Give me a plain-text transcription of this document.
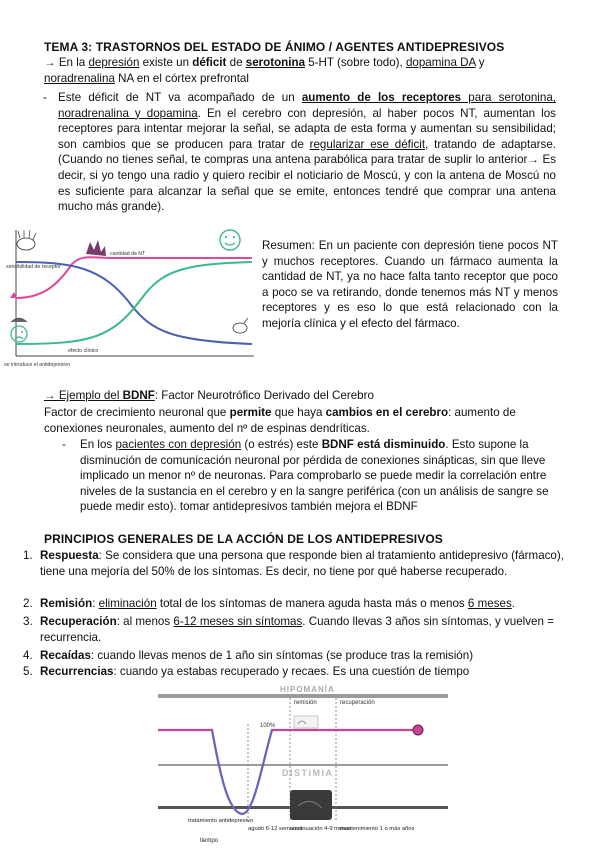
TEMA 3: TRASTORNOS DEL ESTADO DE ÁNIMO / AGENTES ANTIDEPRESIVOS
→ En la depresión existe un déficit de serotonina 5-HT (sobre todo), dopamina DA y
noradrenalina NA en el córtex prefrontal
- Este déficit de NT va acompañado de un aumento de los receptores para serotonina, noradrenalina y dopamina. En el cerebro con depresión, al haber pocos NT, aumentan los receptores para intentar mejorar la señal, se adapta de esta forma y aumentan su sensibilidad; son cambios que se producen para tratar de regularizar ese déficit, tratando de adaptarse. (Cuando no tienes señal, te compras una antena parabólica para tratar de suplir lo anterior→ Es decir, si yo tengo una radio y quiero recibir el noticiario de Moscú, y con la antena de Moscú no es suficiente para alcanzar la señal que se emite, entonces tendré que comprar una antena mucho más grande).
sensibilidad de receptor
cantidad de NT
efecto clínico
se introduce el antidepresivo
Resumen: En un paciente con depresión tiene pocos NT y muchos receptores. Cuando un fármaco aumenta la cantidad de NT, ya no hace falta tanto receptor que poco a poco se va retirando, donde tenemos más NT y menos receptores y es eso lo que está relacionado con la mejoría clínica y el efecto del fármaco.
→ Ejemplo del BDNF: Factor Neurotrófico Derivado del Cerebro
Factor de crecimiento neuronal que permite que haya cambios en el cerebro: aumento de conexiones neuronales, aumento del nº de espinas dendríticas.
- En los pacientes con depresión (o estrés) este BDNF está disminuido. Esto supone la disminución de comunicación neuronal por pérdida de conexiones sinápticas, sin que lleve implicado un menor nº de neuronas. Para comprobarlo se puede medir la correlación entre niveles de la sustancia en el cerebro y en la sangre periférica (con un análisis de sangre se puede medir esto). tomar antidepresivos también mejora el BDNF
PRINCIPIOS GENERALES DE LA ACCIÓN DE LOS ANTIDEPRESIVOS
1. Respuesta: Se considera que una persona que responde bien al tratamiento antidepresivo (fármaco), tiene una mejoría del 50% de los síntomas. Es decir, no tiene por qué haberse recuperado.
2. Remisión: eliminación total de los síntomas de manera aguda hasta más o menos 6 meses.
3. Recuperación: al menos 6-12 meses sin síntomas. Cuando llevas 3 años sin síntomas, y vuelven = recurrencia.
4. Recaídas: cuando llevas menos de 1 año sin síntomas (se produce tras la remisión)
5. Recurrencias: cuando ya estabas recuperado y recaes. Es una cuestión de tiempo
HIPOMANÍA
DISTIMIA
remisión	recuperación
100%
tratamiento antidepresivo
agudo 6-12 semanas
continuación 4-9 meses
mantenimiento 1 o más años
tiempo
